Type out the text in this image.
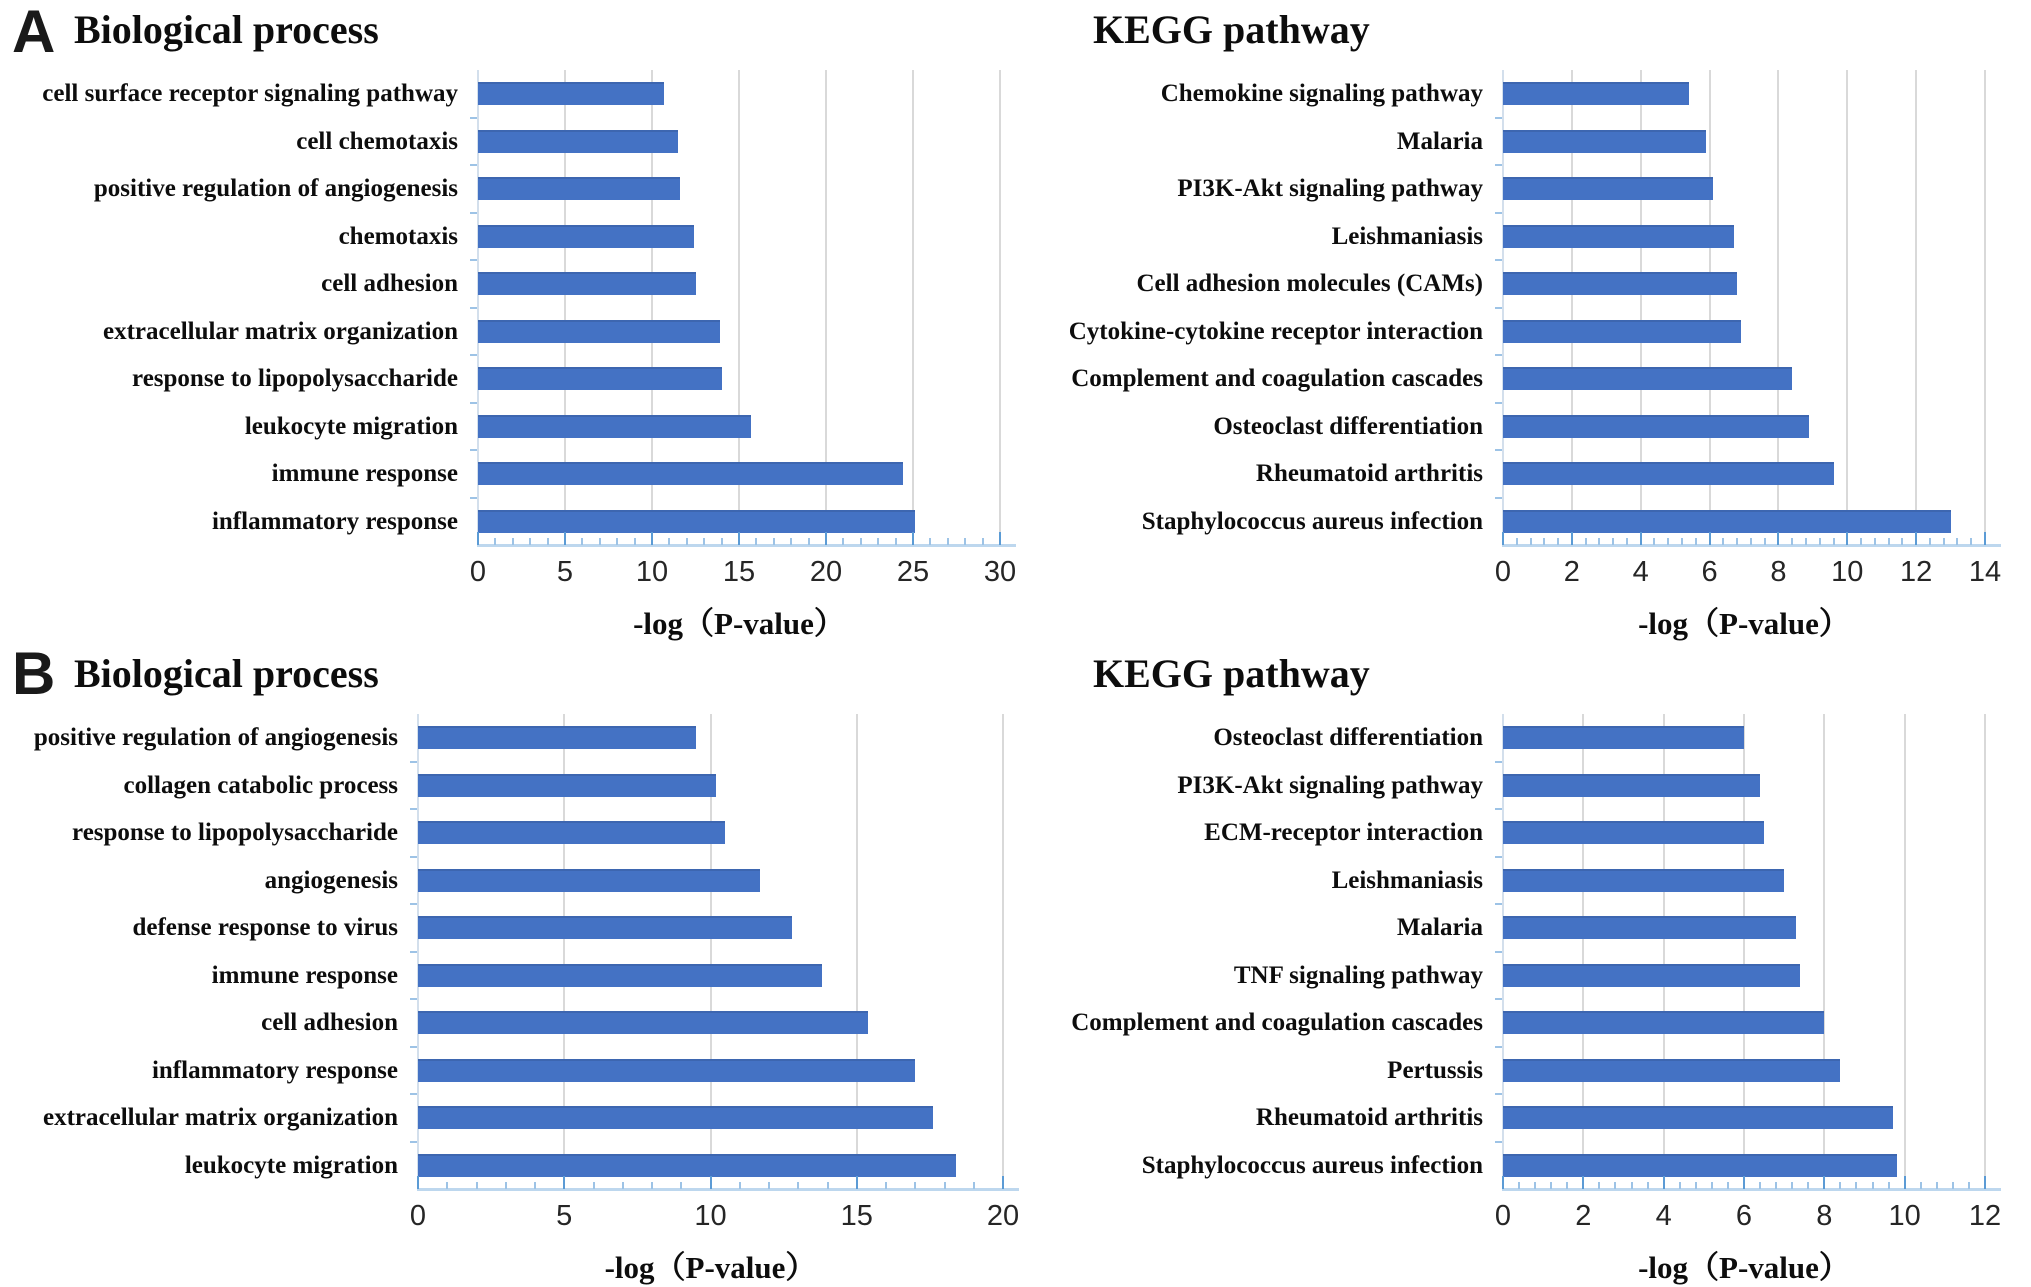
A
B
Biological process
cell surface receptor signaling pathway
cell chemotaxis
positive regulation of angiogenesis
chemotaxis
cell adhesion
extracellular matrix organization
response to lipopolysaccharide
leukocyte migration
immune response
inflammatory response
0 5 10 15 20 25 30
-log（P-value）
KEGG pathway
Chemokine signaling pathway
Malaria
PI3K-Akt signaling pathway
Leishmaniasis
Cell adhesion molecules (CAMs)
Cytokine-cytokine receptor interaction
Complement and coagulation cascades
Osteoclast differentiation
Rheumatoid arthritis
Staphylococcus aureus infection
0 2 4 6 8 10 12 14
-log（P-value）
Biological process
positive regulation of angiogenesis
collagen catabolic process
response to lipopolysaccharide
angiogenesis
defense response to virus
immune response
cell adhesion
inflammatory response
extracellular matrix organization
leukocyte migration
0	5	10	15	20
-log（P-value）
KEGG pathway
Osteoclast differentiation
PI3K-Akt signaling pathway
ECM-receptor interaction
Leishmaniasis
Malaria
TNF signaling pathway
Complement and coagulation cascades
Pertussis
Rheumatoid arthritis
Staphylococcus aureus infection
0 2 4 6 8 10 12
-log（P-value）
